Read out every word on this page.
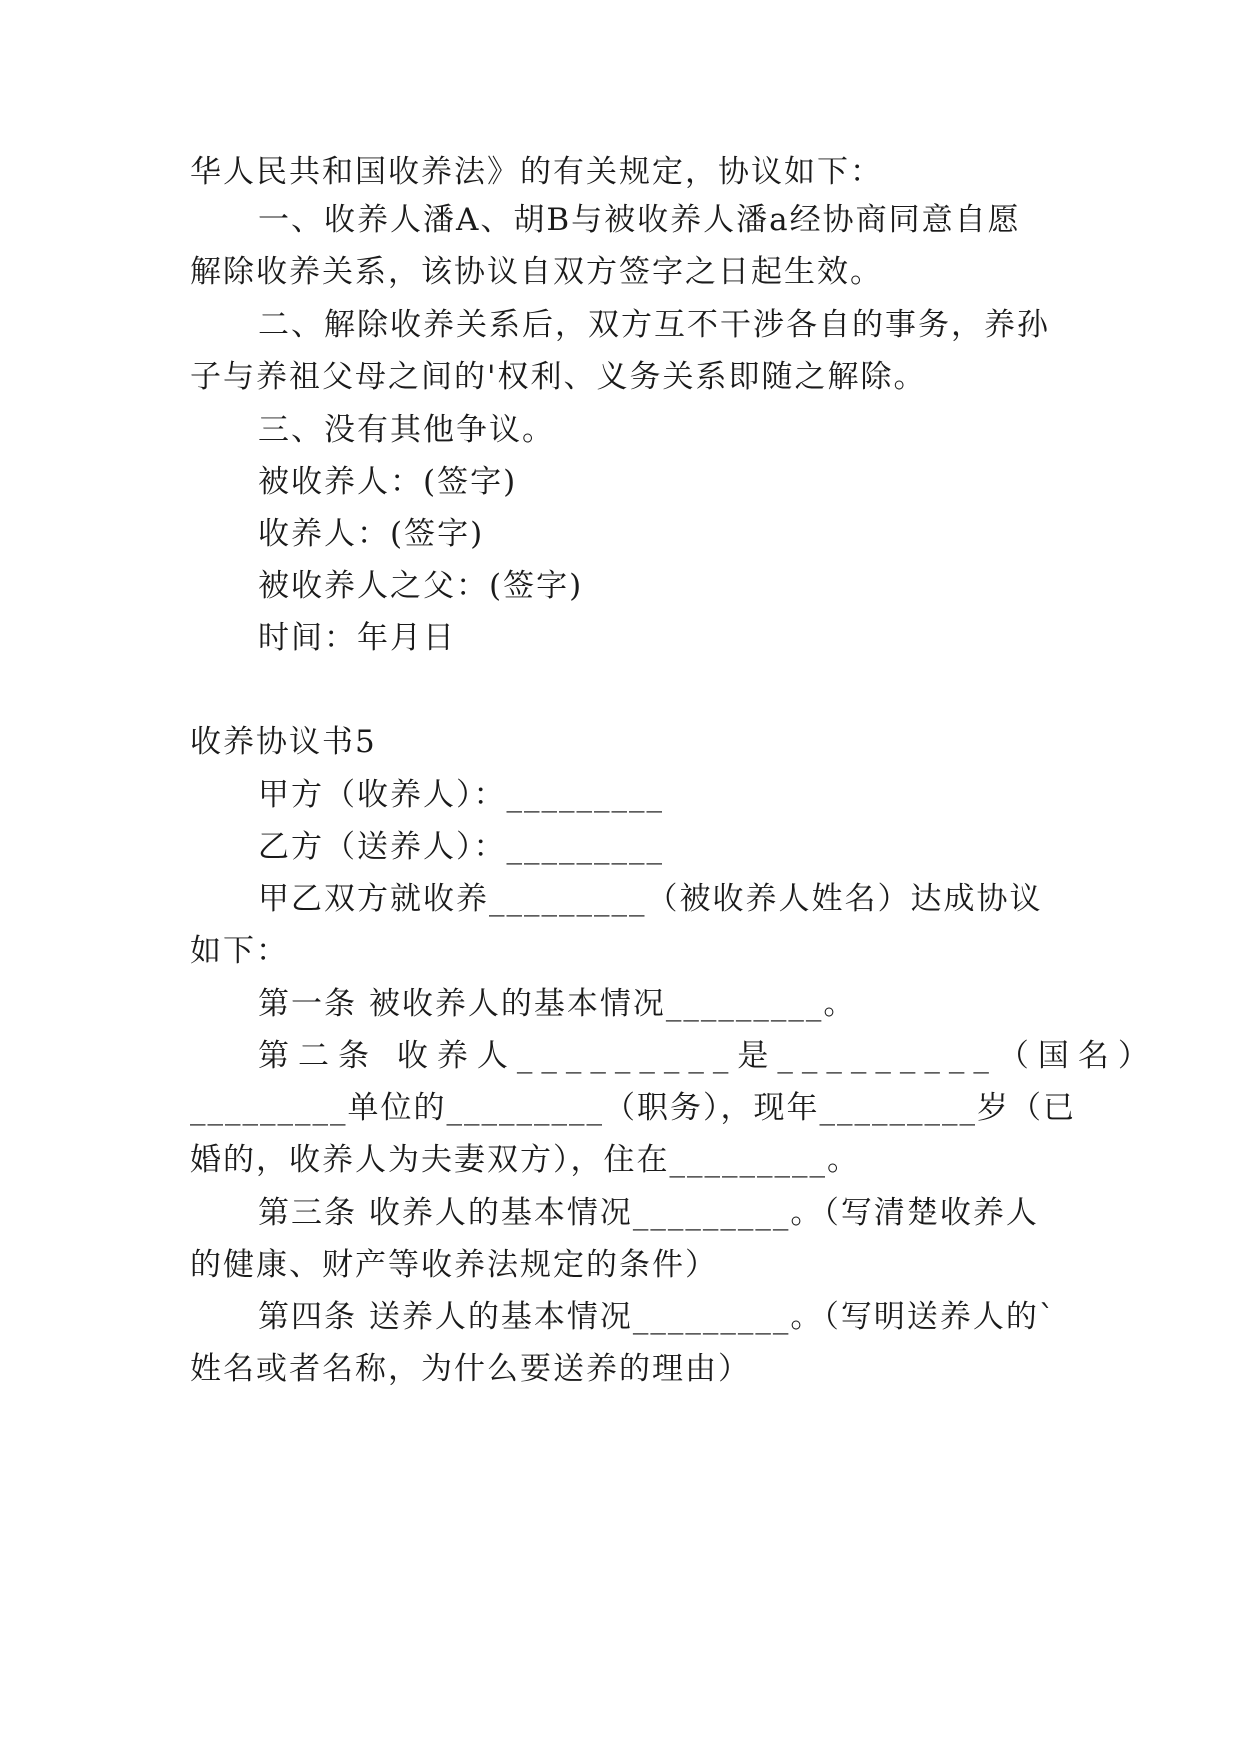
华人民共和国收养法》的有关规定，协议如下：
一、收养人潘A、胡B与被收养人潘a经协商同意自愿
解除收养关系，该协议自双方签字之日起生效。
二、解除收养关系后，双方互不干涉各自的事务，养孙
子与养祖父母之间的'权利、义务关系即随之解除。
三、没有其他争议。
被收养人：(签字)
收养人：(签字)
被收养人之父：(签字)
时间：年月日
收养协议书5
甲方（收养人）：_________
乙方（送养人）：_________
甲乙双方就收养_________（被收养人姓名）达成协议
如下：
第一条 被收养人的基本情况_________。
第二条 收养人_________是_________（国名）
_________单位的_________（职务），现年_________岁（已
婚的，收养人为夫妻双方），住在_________。
第三条 收养人的基本情况_________。（写清楚收养人
的健康、财产等收养法规定的条件）
第四条 送养人的基本情况_________。（写明送养人的`
姓名或者名称，为什么要送养的理由）
